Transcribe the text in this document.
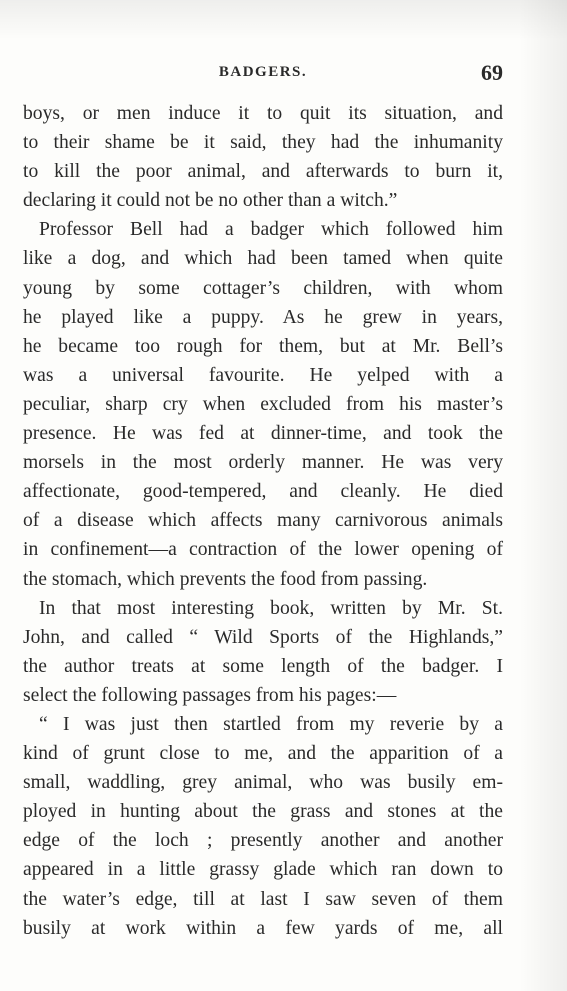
BADGERS.	69
boys, or men induce it to quit its situation, and
to their shame be it said, they had the inhumanity
to kill the poor animal, and afterwards to burn it,
declaring it could not be no other than a witch.”
Professor Bell had a badger which followed him
like a dog, and which had been tamed when quite
young by some cottager’s children, with whom
he played like a puppy. As he grew in years,
he became too rough for them, but at Mr. Bell’s
was a universal favourite. He yelped with a
peculiar, sharp cry when excluded from his master’s
presence. He was fed at dinner-time, and took the
morsels in the most orderly manner. He was very
affectionate, good-tempered, and cleanly. He died
of a disease which affects many carnivorous animals
in confinement—a contraction of the lower opening of
the stomach, which prevents the food from passing.
In that most interesting book, written by Mr. St.
John, and called “ Wild Sports of the Highlands,”
the author treats at some length of the badger. I
select the following passages from his pages:—
“ I was just then startled from my reverie by a
kind of grunt close to me, and the apparition of a
small, waddling, grey animal, who was busily em-
ployed in hunting about the grass and stones at the
edge of the loch ; presently another and another
appeared in a little grassy glade which ran down to
the water’s edge, till at last I saw seven of them
busily at work within a few yards of me, all
